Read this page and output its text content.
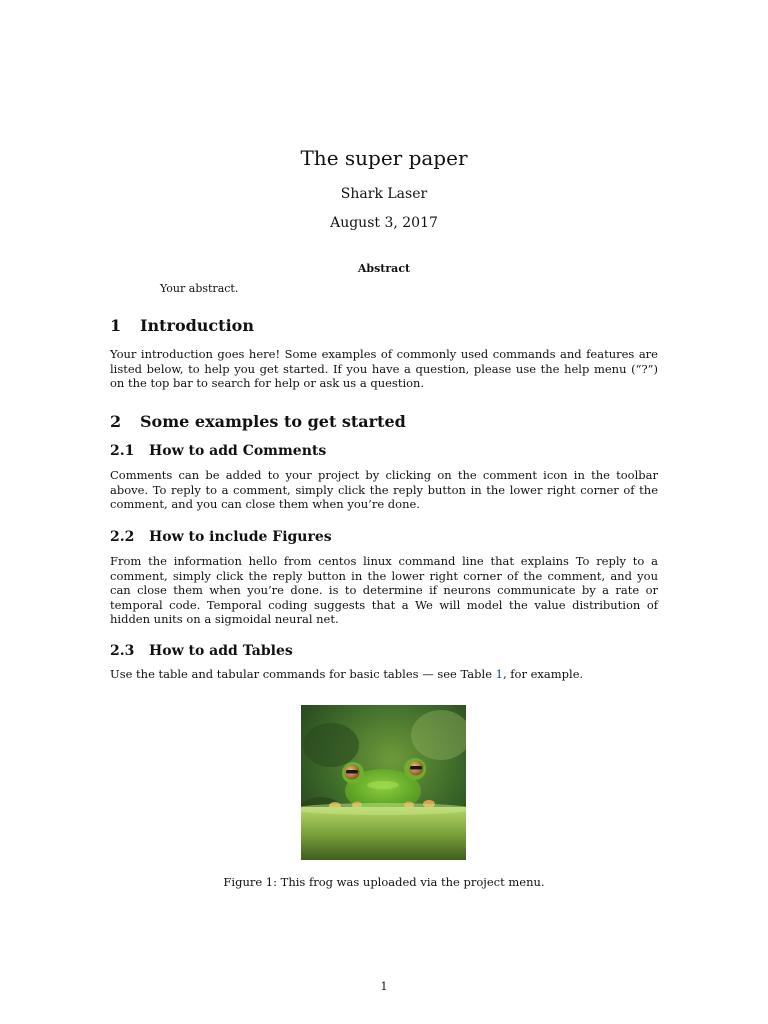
The super paper
Shark Laser
August 3, 2017
Abstract
Your abstract.
1 Introduction
Your introduction goes here! Some examples of commonly used commands and features are listed below, to help you get started. If you have a question, please use the help menu (“?”) on the top bar to search for help or ask us a question.
2 Some examples to get started
2.1 How to add Comments
Comments can be added to your project by clicking on the comment icon in the toolbar above. To reply to a comment, simply click the reply button in the lower right corner of the comment, and you can close them when you’re done.
2.2 How to include Figures
From the information hello from centos linux command line that explains To reply to a comment, simply click the reply button in the lower right corner of the comment, and you can close them when you’re done. is to determine if neurons communicate by a rate or temporal code. Temporal coding suggests that a We will model the value distribution of hidden units on a sigmoidal neural net.
2.3 How to add Tables
Use the table and tabular commands for basic tables — see Table 1, for example.
Figure 1: This frog was uploaded via the project menu.
1
